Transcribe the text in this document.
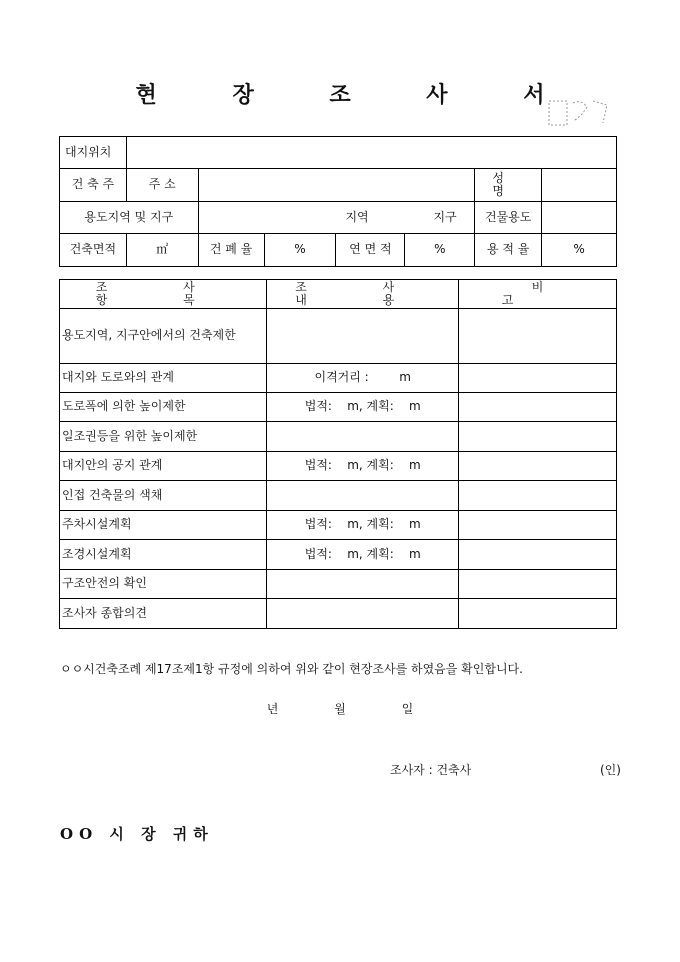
현 장 조 사 서
대지위치							
건 축 주	주 소					성 명	
용도지역 및 지구		지역 지구				건물용도	
건축면적	㎡	건 폐 율	%	연 면 적	%	용 적 율	%
조 사 항 목	조 사 내 용	비 고
용도지역, 지구안에서의 건축제한		
대지와 도로와의 관계	이격거리 :        m	
도로폭에 의한 높이제한	법적:    m, 계획:    m	
일조권등을 위한 높이제한		
대지안의 공지 관계	법적:    m, 계획:    m	
인접 건축물의 색채		
주차시설계획	법적:    m, 계획:    m	
조경시설계획	법적:    m, 계획:    m	
구조안전의 확인		
조사자 종합의견		
ㅇㅇ시건축조례 제17조제1항 규정에 의하여 위와 같이 현장조사를 하였음을 확인합니다.
년	월	일
조사자 : 건축사	(인)
OO 시 장 귀하
